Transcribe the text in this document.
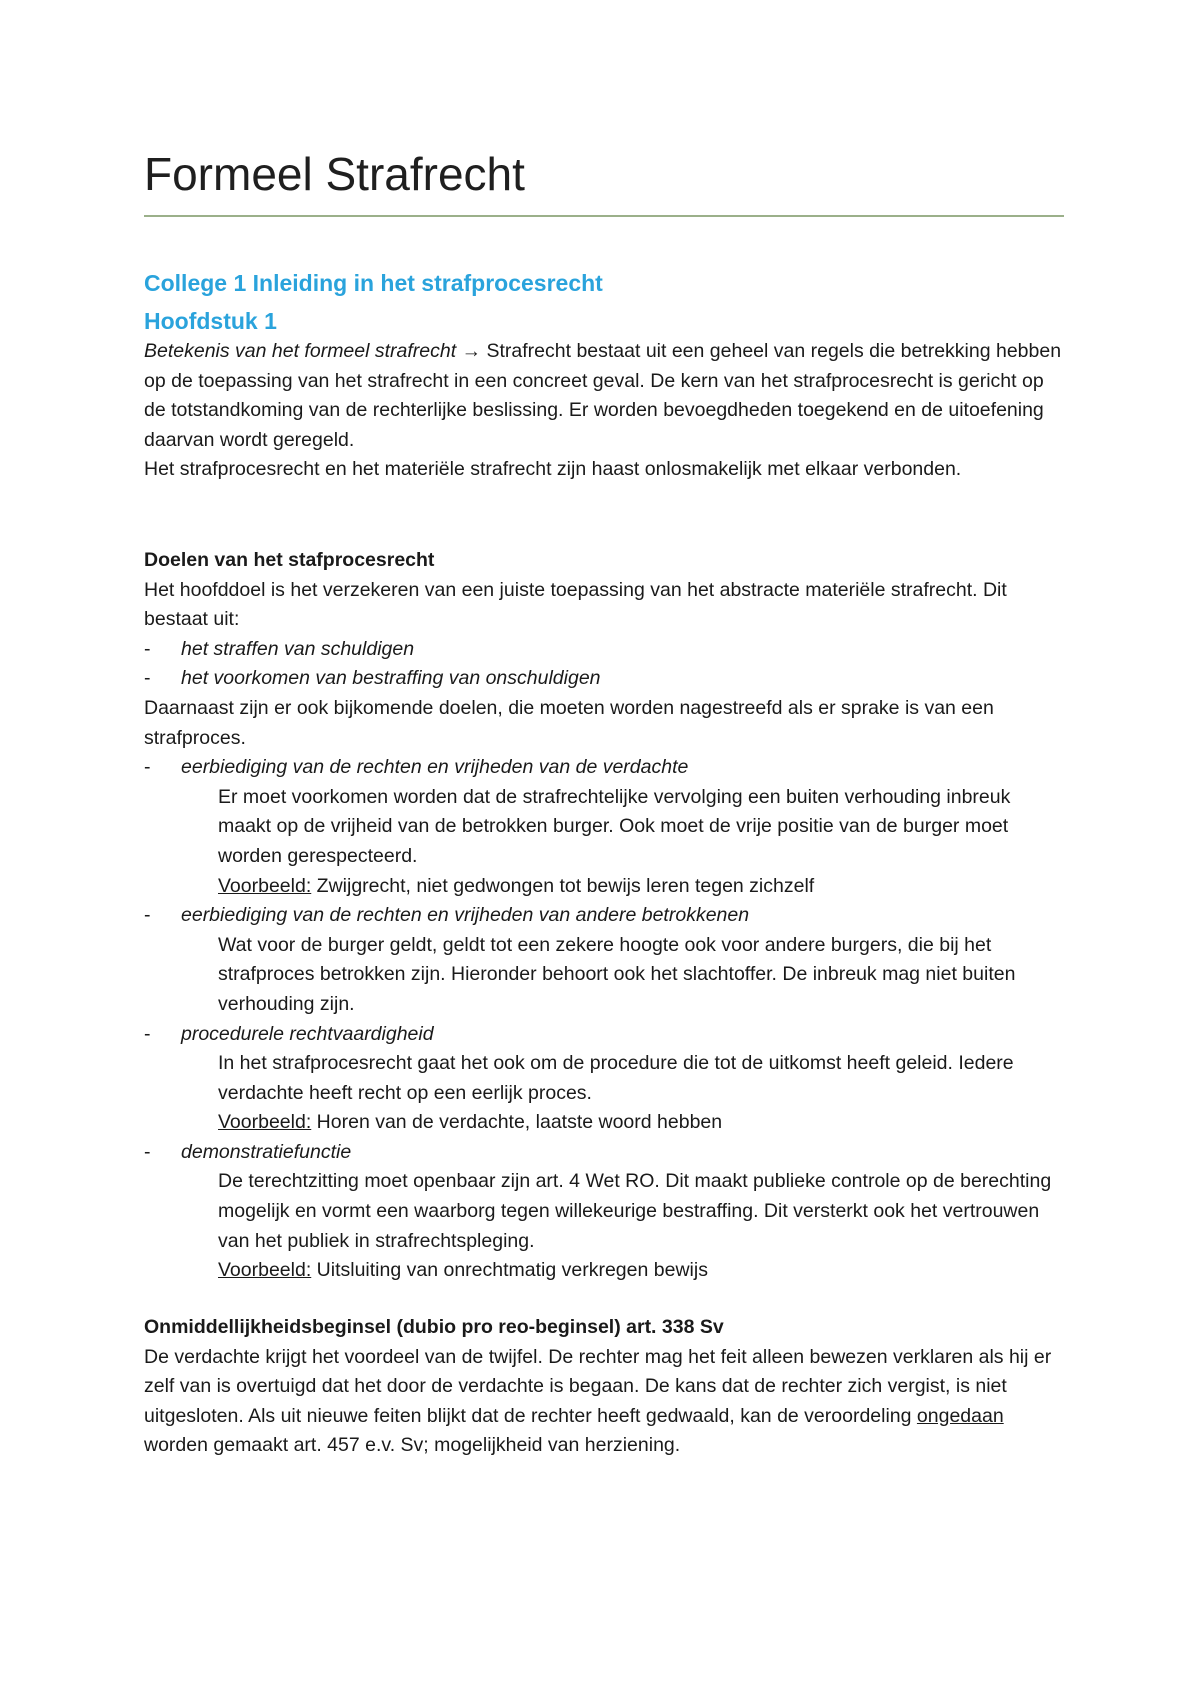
Formeel Strafrecht
College 1 Inleiding in het strafprocesrecht
Hoofdstuk 1

Betekenis van het formeel strafrecht → Strafrecht bestaat uit een geheel van regels die betrekking hebben op de toepassing van het strafrecht in een concreet geval. De kern van het strafprocesrecht is gericht op de totstandkoming van de rechterlijke beslissing. Er worden bevoegdheden toegekend en de uitoefening daarvan wordt geregeld.

Het strafprocesrecht en het materiële strafrecht zijn haast onlosmakelijk met elkaar verbonden.

Doelen van het stafprocesrecht

Het hoofddoel is het verzekeren van een juiste toepassing van het abstracte materiële strafrecht. Dit bestaat uit:

-	het straffen van schuldigen
-	het voorkomen van bestraffing van onschuldigen

Daarnaast zijn er ook bijkomende doelen, die moeten worden nagestreefd als er sprake is van een strafproces.

-	eerbiediging van de rechten en vrijheden van de verdachte

Er moet voorkomen worden dat de strafrechtelijke vervolging een buiten verhouding inbreuk maakt op de vrijheid van de betrokken burger. Ook moet de vrije positie van de burger moet worden gerespecteerd.

Voorbeeld: Zwijgrecht, niet gedwongen tot bewijs leren tegen zichzelf

-	eerbiediging van de rechten en vrijheden van andere betrokkenen

Wat voor de burger geldt, geldt tot een zekere hoogte ook voor andere burgers, die bij het strafproces betrokken zijn. Hieronder behoort ook het slachtoffer. De inbreuk mag niet buiten verhouding zijn.

-	procedurele rechtvaardigheid

In het strafprocesrecht gaat het ook om de procedure die tot de uitkomst heeft geleid. Iedere verdachte heeft recht op een eerlijk proces.

Voorbeeld: Horen van de verdachte, laatste woord hebben

-	demonstratiefunctie

De terechtzitting moet openbaar zijn art. 4 Wet RO. Dit maakt publieke controle op de berechting mogelijk en vormt een waarborg tegen willekeurige bestraffing. Dit versterkt ook het vertrouwen van het publiek in strafrechtspleging.

Voorbeeld: Uitsluiting van onrechtmatig verkregen bewijs

Onmiddellijkheidsbeginsel (dubio pro reo-beginsel) art. 338 Sv

De verdachte krijgt het voordeel van de twijfel. De rechter mag het feit alleen bewezen verklaren als hij er zelf van is overtuigd dat het door de verdachte is begaan. De kans dat de rechter zich vergist, is niet uitgesloten. Als uit nieuwe feiten blijkt dat de rechter heeft gedwaald, kan de veroordeling ongedaan worden gemaakt art. 457 e.v. Sv; mogelijkheid van herziening.
